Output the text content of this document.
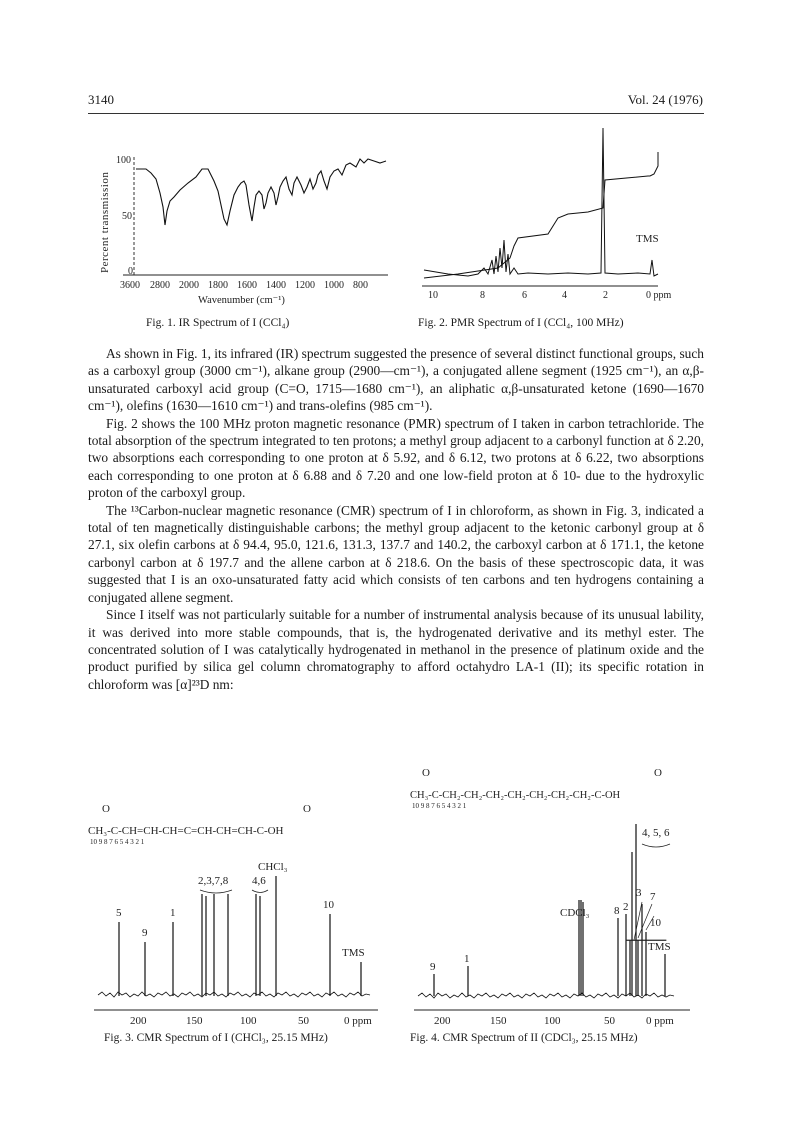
3140	Vol. 24 (1976)
Percent transmission
100
50
0
3600 2800 2000 1800 1600 1400 1200 1000 800
Wavenumber (cm⁻¹)
Fig. 1. IR Spectrum of I (CCl₄)
TMS
10	8	6	4	2	0 ppm
Fig. 2. PMR Spectrum of I (CCl₄, 100 MHz)

As shown in Fig. 1, its infrared (IR) spectrum suggested the presence of several distinct functional groups, such as a carboxyl group (3000 cm⁻¹), alkane group (2900—cm⁻¹), a conjugated allene segment (1925 cm⁻¹), an α,β-unsaturated carboxyl acid group (C=O, 1715—1680 cm⁻¹), an aliphatic α,β-unsaturated ketone (1690—1670 cm⁻¹), olefins (1630—1610 cm⁻¹) and trans-olefins (985 cm⁻¹).

Fig. 2 shows the 100 MHz proton magnetic resonance (PMR) spectrum of I taken in carbon tetrachloride. The total absorption of the spectrum integrated to ten protons; a methyl group adjacent to a carbonyl function at δ 2.20, two absorptions each corresponding to one proton at δ 5.92, and δ 6.12, two protons at δ 6.22, two absorptions each corresponding to one proton at δ 6.88 and δ 7.20 and one low-field proton at δ 10- due to the hydroxylic proton of the carboxyl group.

The ¹³Carbon-nuclear magnetic resonance (CMR) spectrum of I in chloroform, as shown in Fig. 3, indicated a total of ten magnetically distinguishable carbons; the methyl group adjacent to the ketonic carbonyl group at δ 27.1, six olefin carbons at δ 94.4, 95.0, 121.6, 131.3, 137.7 and 140.2, the carboxyl carbon at δ 171.1, the ketone carbonyl carbon at δ 197.7 and the allene carbon at δ 218.6. On the basis of these spectroscopic data, it was suggested that I is an oxo-unsaturated fatty acid which consists of ten carbons and ten hydrogens containing a conjugated allene segment.

Since I itself was not particularly suitable for a number of instrumental analysis because of its unusual lability, it was derived into more stable compounds, that is, the hydrogenated derivative and its methyl ester. The concentrated solution of I was catalytically hydrogenated in methanol in the presence of platinum oxide and the product purified by silica gel column chromatography to afford octahydro LA-1 (II); its specific rotation in chloroform was [α]²³D nm:

O	O
CH₃-C-CH=CH-CH=C=CH-CH=CH-C-OH
10 9 8 7 6 5 4 3 2 1
CHCl₃
2,3,7,8 4,6
10
5	1
9
TMS
200	150	100	50	0 ppm
Fig. 3. CMR Spectrum of I (CHCl₃, 25.15 MHz)
O	O
CH₃-C-CH₂-CH₂-CH₂-CH₂-CH₂-CH₂-CH₂-C-OH
10 9 8 7 6 5 4 3 2 1
4, 5, 6
CDCl₃
3 7
8 2
10
TMS
9
1
200	150	100	50	0 ppm
Fig. 4. CMR Spectrum of II (CDCl₃, 25.15 MHz)
